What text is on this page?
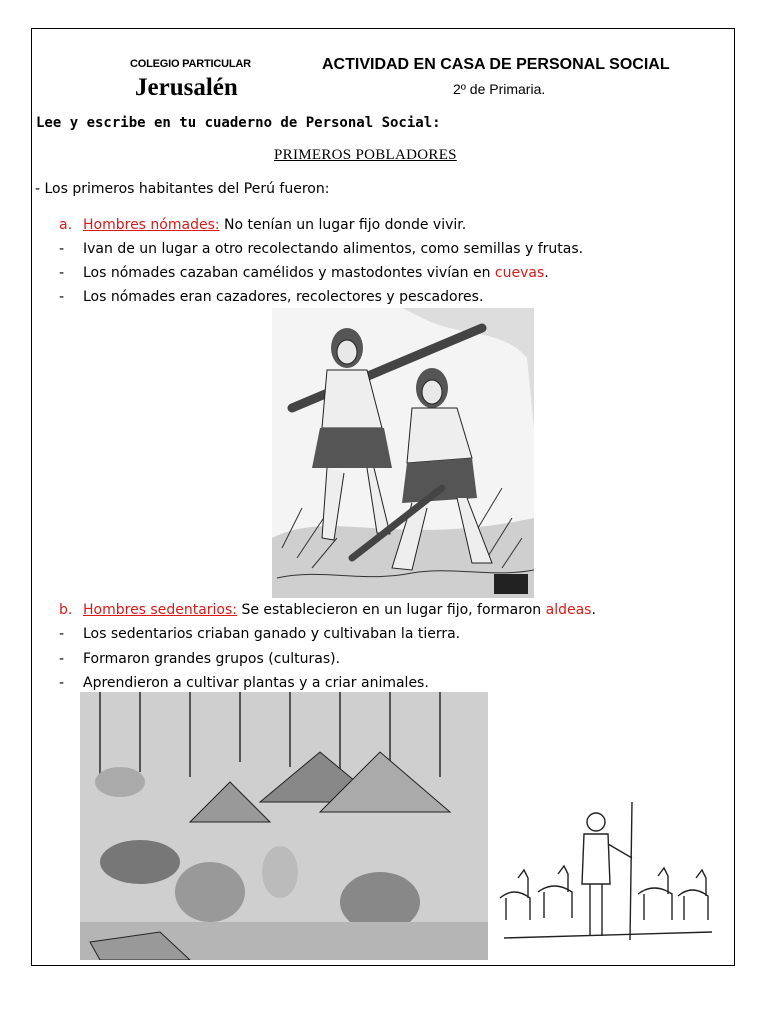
COLEGIO PARTICULAR
Jerusalén
ACTIVIDAD EN CASA DE PERSONAL SOCIAL
2º de Primaria.
Lee y escribe en tu cuaderno de Personal Social:
PRIMEROS POBLADORES
- Los primeros habitantes del Perú fueron:
a. Hombres nómades: No tenían un lugar fijo donde vivir.
- Ivan de un lugar a otro recolectando alimentos, como semillas y frutas.
- Los nómades cazaban camélidos y mastodontes vivían en cuevas.
- Los nómades eran cazadores, recolectores y pescadores.
b. Hombres sedentarios: Se establecieron en un lugar fijo, formaron aldeas.
- Los sedentarios criaban ganado y cultivaban la tierra.
- Formaron grandes grupos (culturas).
- Aprendieron a cultivar plantas y a criar animales.
